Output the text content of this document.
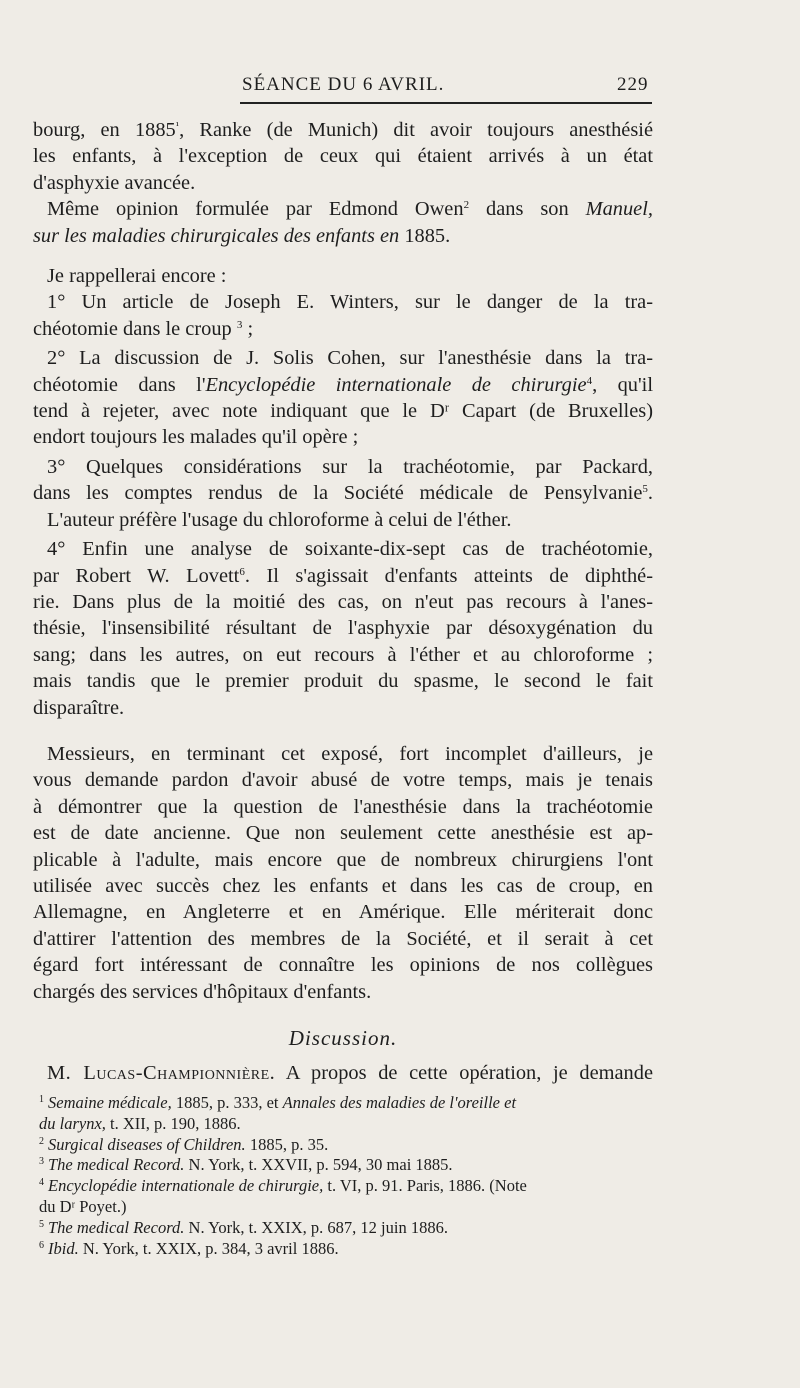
SÉANCE DU 6 AVRIL.	229

bourg, en $1885^{^1}$, Ranke (de Munich) dit avoir toujours anesthésié

les enfants, à l'exception de ceux qui étaient arrivés à un état

d'asphyxie avancée.

Même opinion formulée par Edmond Owen$^2$ dans son Manuel,

sur les maladies chirurgicales des enfants en 1885.

Je rappellerai encore :

1° Un article de Joseph E. Winters, sur le danger de la tra-

chéotomie dans le croup $^3$ ;

2° La discussion de J. Solis Cohen, sur l'anesthésie dans la tra-

chéotomie dans l'Encyclopédie internationale de chirurgie$^4$, qu'il

tend à rejeter, avec note indiquant que le Dʳ Capart (de Bruxelles)

endort toujours les malades qu'il opère ;

3° Quelques considérations sur la trachéotomie, par Packard,

dans les comptes rendus de la Société médicale de Pensylvanie$^5$.

L'auteur préfère l'usage du chloroforme à celui de l'éther.

4° Enfin une analyse de soixante-dix-sept cas de trachéotomie,

par Robert W. Lovett$^6$. Il s'agissait d'enfants atteints de diphthé-

rie. Dans plus de la moitié des cas, on n'eut pas recours à l'anes-

thésie, l'insensibilité résultant de l'asphyxie par désoxygénation du

sang; dans les autres, on eut recours à l'éther et au chloroforme ;

mais tandis que le premier produit du spasme, le second le fait

disparaître.

Messieurs, en terminant cet exposé, fort incomplet d'ailleurs, je

vous demande pardon d'avoir abusé de votre temps, mais je tenais

à démontrer que la question de l'anesthésie dans la trachéotomie

est de date ancienne. Que non seulement cette anesthésie est ap-

plicable à l'adulte, mais encore que de nombreux chirurgiens l'ont

utilisée avec succès chez les enfants et dans les cas de croup, en

Allemagne, en Angleterre et en Amérique. Elle mériterait donc

d'attirer l'attention des membres de la Société, et il serait à cet

égard fort intéressant de connaître les opinions de nos collègues

chargés des services d'hôpitaux d'enfants.

Discussion.

M. Lucas-Championnière. A propos de cette opération, je demande

$^1$ Semaine médicale, 1885, p. 333, et Annales des maladies de l'oreille et
du larynx, t. XII, p. 190, 1886.
$^2$ Surgical diseases of Children. 1885, p. 35.
$^3$ The medical Record. N. York, t. XXVII, p. 594, 30 mai 1885.
$^4$ Encyclopédie internationale de chirurgie, t. VI, p. 91. Paris, 1886. (Note
du Dʳ Poyet.)
$^5$ The medical Record. N. York, t. XXIX, p. 687, 12 juin 1886.
$^6$ Ibid. N. York, t. XXIX, p. 384, 3 avril 1886.
